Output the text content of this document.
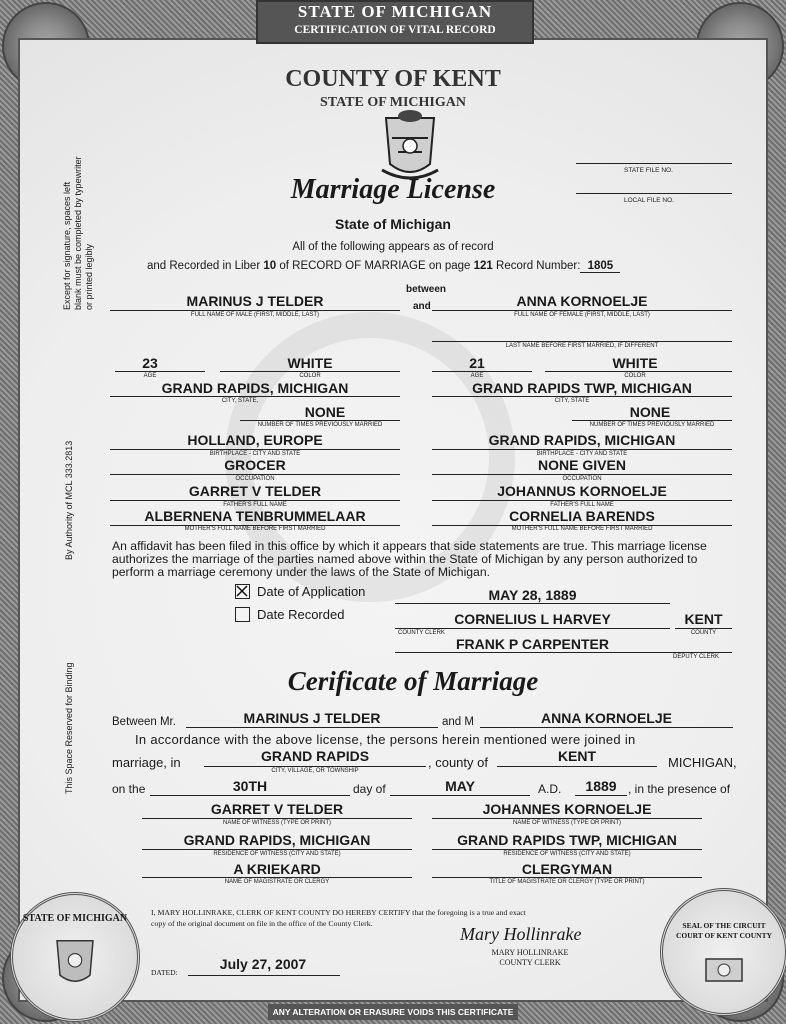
STATE OF MICHIGAN
CERTIFICATION OF VITAL RECORD
Except for signature, spaces left blank must be completed by typewriter or printed legibly
By Authority of MCL 333.2813
This Space Reserved for Binding
COUNTY OF KENT
STATE OF MICHIGAN
STATE FILE NO.
LOCAL FILE NO.
Marriage License
State of Michigan
All of the following appears as of record
and Recorded in Liber 10 of RECORD OF MARRIAGE on page 121 Record Number: 1805
between
and
MARINUS J TELDER
FULL NAME OF MALE (FIRST, MIDDLE, LAST)
ANNA KORNOELJE
FULL NAME OF FEMALE (FIRST, MIDDLE, LAST)
LAST NAME BEFORE FIRST MARRIED, IF DIFFERENT
23
AGE
WHITE
COLOR
21
AGE
WHITE
COLOR
GRAND RAPIDS, MICHIGAN
CITY, STATE,
GRAND RAPIDS TWP, MICHIGAN
CITY, STATE
NONE
NUMBER OF TIMES PREVIOUSLY MARRIED
NONE
NUMBER OF TIMES PREVIOUSLY MARRIED
HOLLAND, EUROPE
BIRTHPLACE - CITY AND STATE
GRAND RAPIDS, MICHIGAN
BIRTHPLACE - CITY AND STATE
GROCER
OCCUPATION
NONE GIVEN
OCCUPATION
GARRET V TELDER
FATHER'S FULL NAME
JOHANNUS KORNOELJE
FATHER'S FULL NAME
ALBERNENA TENBRUMMELAAR
MOTHER'S FULL NAME BEFORE FIRST MARRIED
CORNELIA BARENDS
MOTHER'S FULL NAME BEFORE FIRST MARRIED
An affidavit has been filed in this office by which it appears that side statements are true. This marriage license authorizes the marriage of the parties named above within the State of Michigan by any person authorized to perform a marriage ceremony under the laws of the State of Michigan.
Date of Application
Date Recorded
MAY 28, 1889
CORNELIUS L HARVEY
COUNTY CLERK
KENT
COUNTY
FRANK P CARPENTER
DEPUTY CLERK
Cerificate of Marriage
Between Mr.	MARINUS J TELDER	and M	ANNA KORNOELJE
In accordance with the above license, the persons herein mentioned were joined in
marriage, in	GRAND RAPIDS
CITY, VILLAGE, OR TOWNSHIP
, county of	KENT	MICHIGAN,
on the	30TH	day of	MAY	A.D.	1889 , in the presence of
GARRET V TELDER
NAME OF WITNESS (TYPE OR PRINT)
JOHANNES KORNOELJE
NAME OF WITNESS (TYPE OR PRINT)
GRAND RAPIDS, MICHIGAN
RESIDENCE OF WITNESS (CITY AND STATE)
GRAND RAPIDS TWP, MICHIGAN
RESIDENCE OF WITNESS (CITY AND STATE)
A KRIEKARD
NAME OF MAGISTRATE OR CLERGY
CLERGYMAN
TITLE OF MAGISTRATE OR CLERGY (TYPE OR PRINT)
I, MARY HOLLINRAKE, CLERK OF KENT COUNTY DO HEREBY CERTIFY that the foregoing is a true and exact
copy of the original document on file in the office of the County Clerk.
Mary Hollinrake
MARY HOLLINRAKE
COUNTY CLERK
DATED:
July 27, 2007
STATE OF MICHIGAN
SEAL OF THE CIRCUIT COURT OF KENT COUNTY
ANY ALTERATION OR ERASURE VOIDS THIS CERTIFICATE
